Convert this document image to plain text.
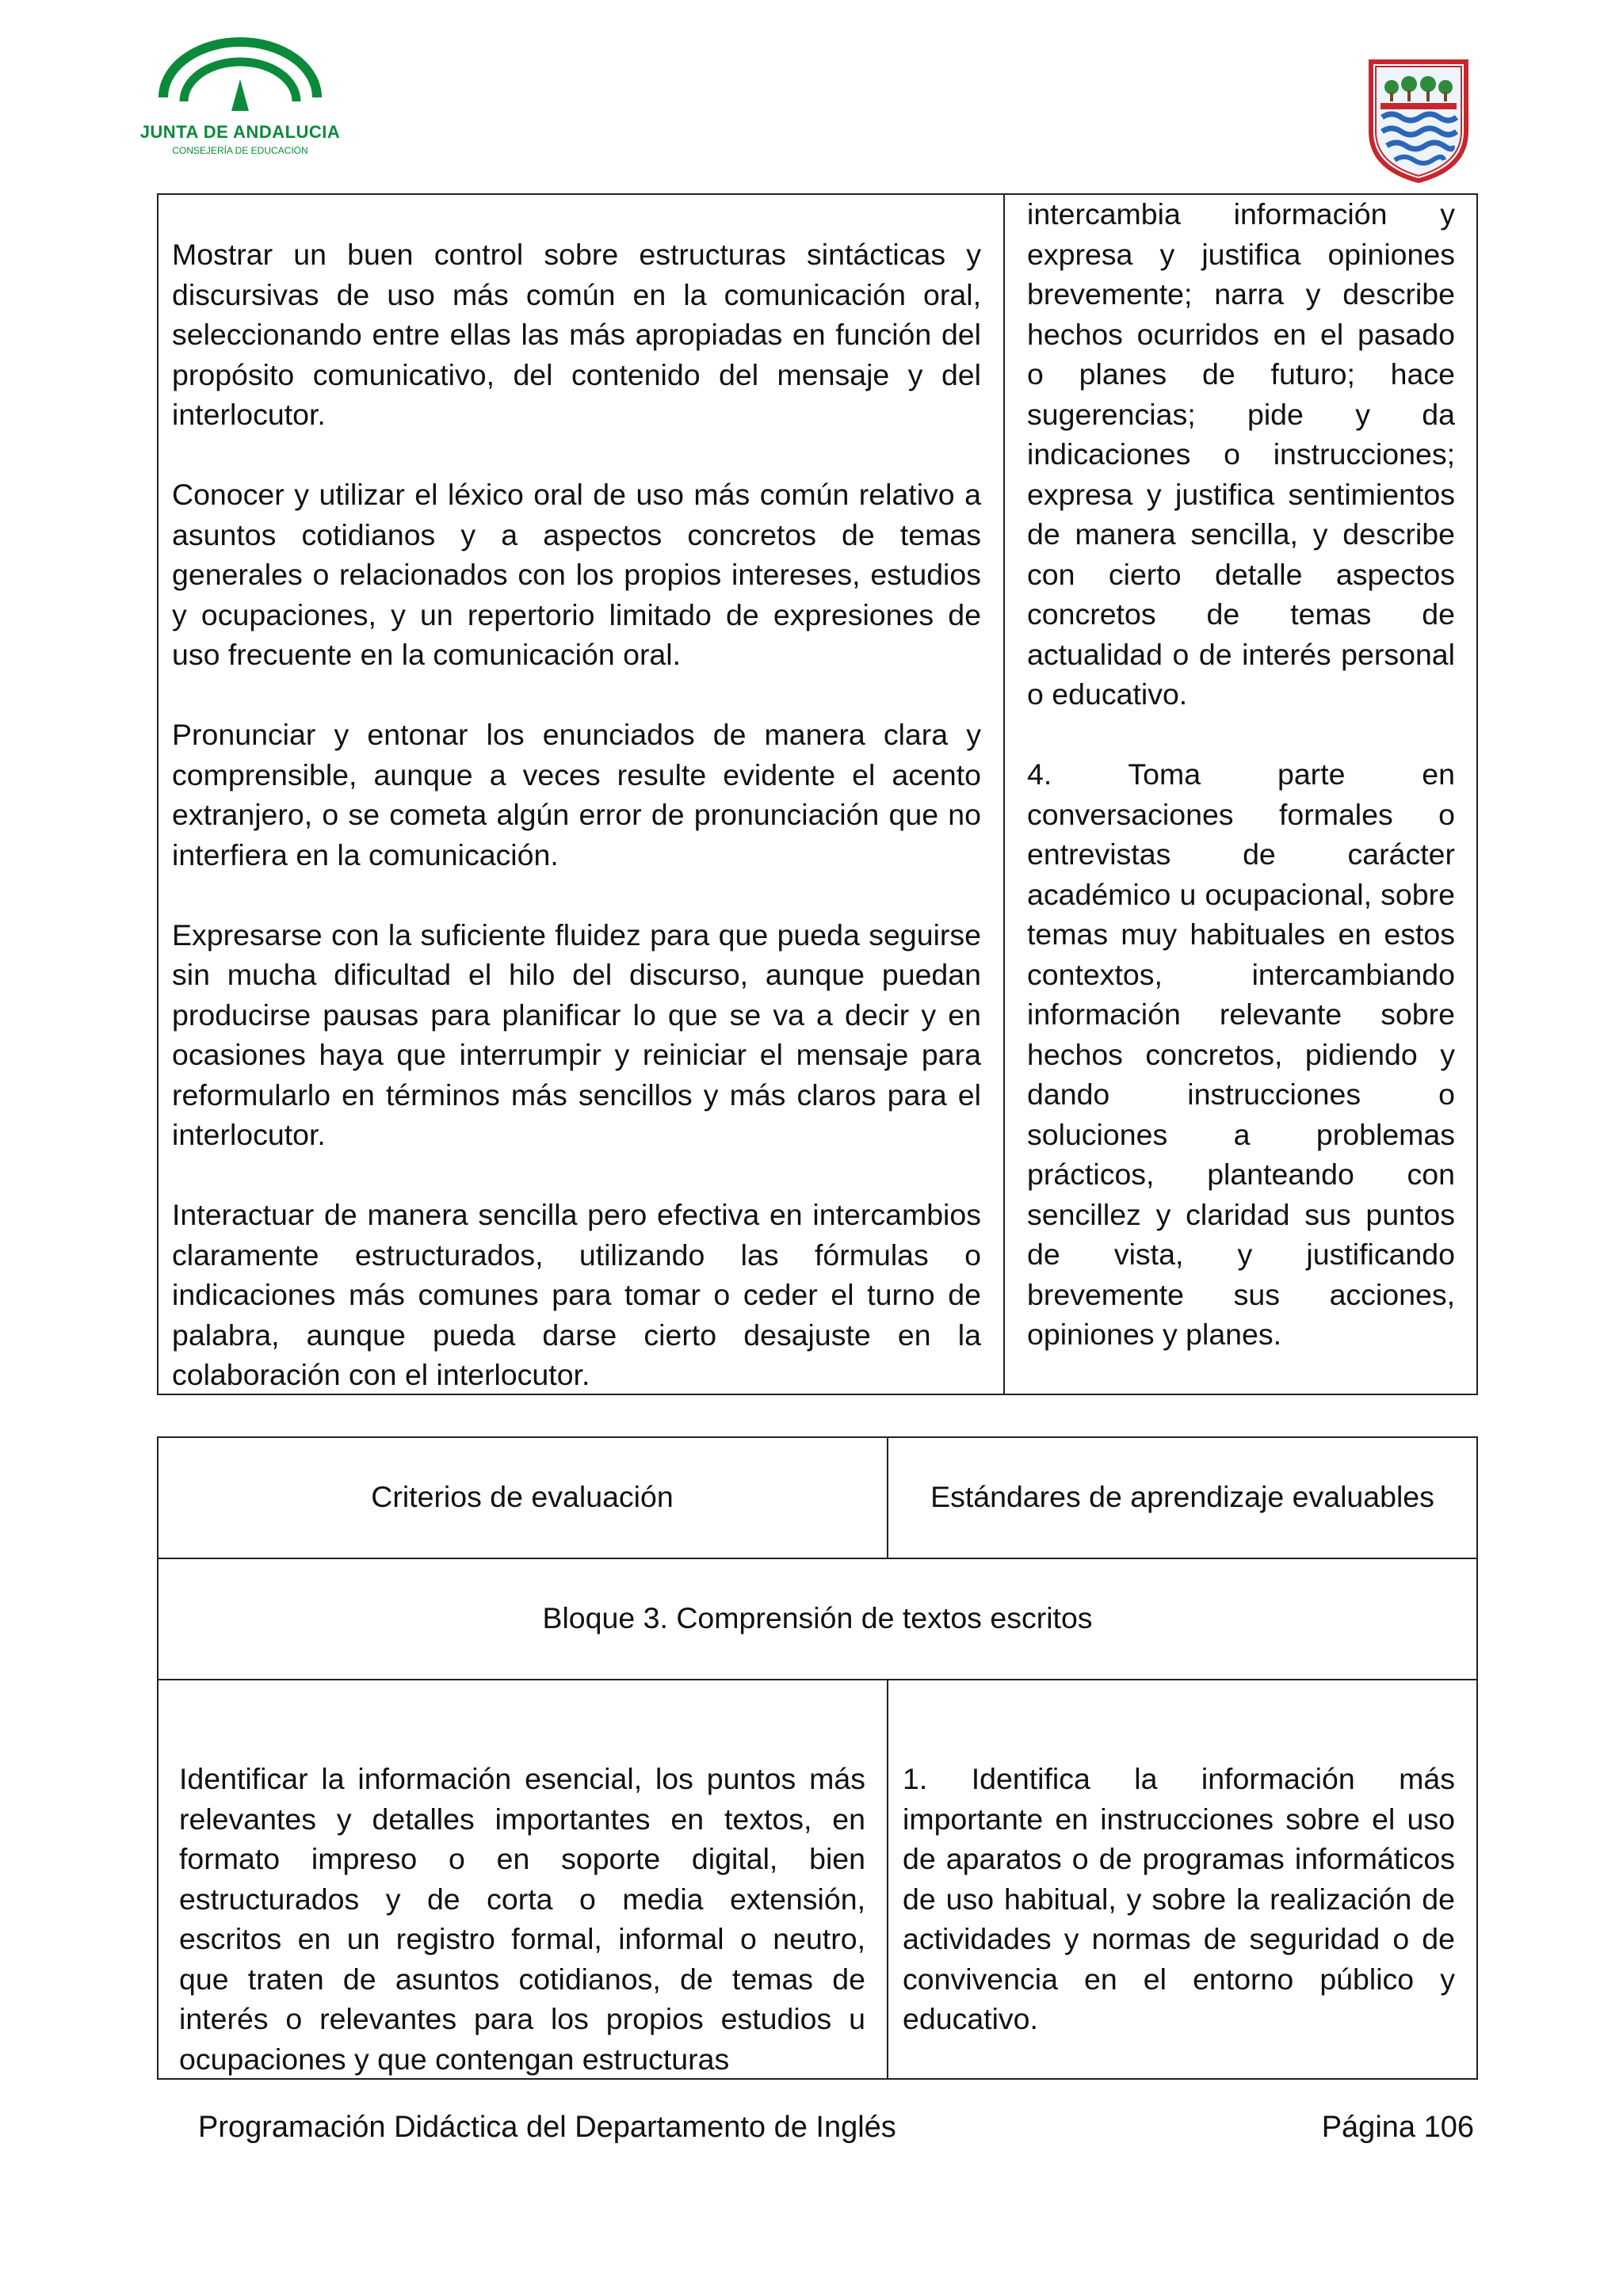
JUNTA DE ANDALUCIA
CONSEJERÍA DE EDUCACIÓN

Mostrar un buen control sobre estructuras sintácticas y discursivas de uso más común en la comunicación oral, seleccionando entre ellas las más apropiadas en función del propósito comunicativo, del contenido del mensaje y del interlocutor.

Conocer y utilizar el léxico oral de uso más común relativo a asuntos cotidianos y a aspectos concretos de temas generales o relacionados con los propios intereses, estudios y ocupaciones, y un repertorio limitado de expresiones de uso frecuente en la comunicación oral.

Pronunciar y entonar los enunciados de manera clara y comprensible, aunque a veces resulte evidente el acento extranjero, o se cometa algún error de pronunciación que no interfiera en la comunicación.

Expresarse con la suficiente fluidez para que pueda seguirse sin mucha dificultad el hilo del discurso, aunque puedan producirse pausas para planificar lo que se va a decir y en ocasiones haya que interrumpir y reiniciar el mensaje para reformularlo en términos más sencillos y más claros para el interlocutor.

Interactuar de manera sencilla pero efectiva en intercambios claramente estructurados, utilizando las fórmulas o indicaciones más comunes para tomar o ceder el turno de palabra, aunque pueda darse cierto desajuste en la colaboración con el interlocutor.

intercambia información y expresa y justifica opiniones brevemente; narra y describe hechos ocurridos en el pasado o planes de futuro; hace sugerencias; pide y da indicaciones o instrucciones; expresa y justifica sentimientos de manera sencilla, y describe con cierto detalle aspectos concretos de temas de actualidad o de interés personal o educativo.

4. Toma parte en conversaciones formales o entrevistas de carácter académico u ocupacional, sobre temas muy habituales en estos contextos, intercambiando información relevante sobre hechos concretos, pidiendo y dando instrucciones o soluciones a problemas prácticos, planteando con sencillez y claridad sus puntos de vista, y justificando brevemente sus acciones, opiniones y planes.

Criterios de evaluación	Estándares de aprendizaje evaluables
Bloque 3. Comprensión de textos escritos

Identificar la información esencial, los puntos más relevantes y detalles importantes en textos, en formato impreso o en soporte digital, bien estructurados y de corta o media extensión, escritos en un registro formal, informal o neutro, que traten de asuntos cotidianos, de temas de interés o relevantes para los propios estudios u ocupaciones y que contengan estructuras

1. Identifica la información más importante en instrucciones sobre el uso de aparatos o de programas informáticos de uso habitual, y sobre la realización de actividades y normas de seguridad o de convivencia en el entorno público y educativo.

Programación Didáctica del Departamento de Inglés	Página 106
